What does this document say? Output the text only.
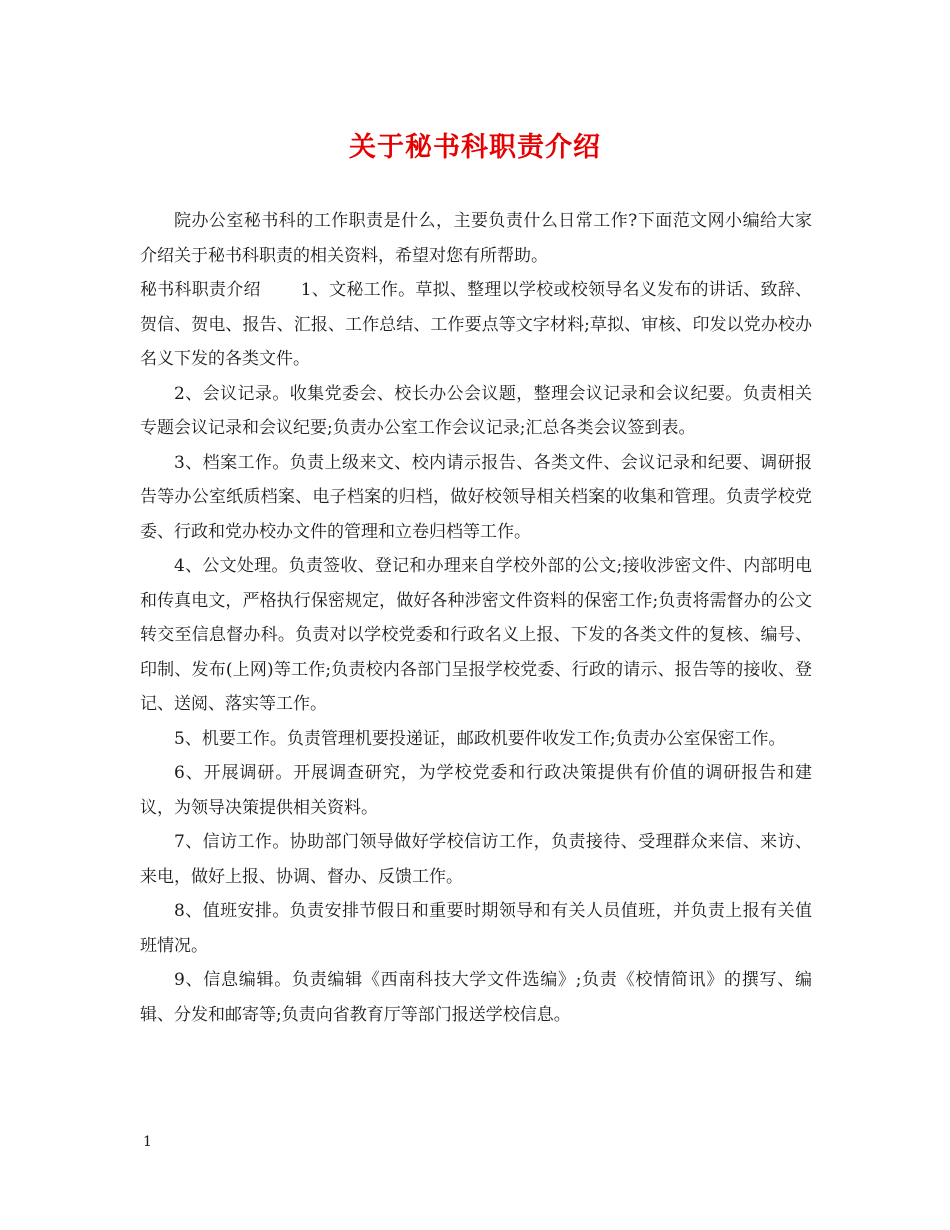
关于秘书科职责介绍

院办公室秘书科的工作职责是什么，主要负责什么日常工作?下面范文网小编给大家介绍关于秘书科职责的相关资料，希望对您有所帮助。

秘书科职责介绍 1、文秘工作。草拟、整理以学校或校领导名义发布的讲话、致辞、贺信、贺电、报告、汇报、工作总结、工作要点等文字材料;草拟、审核、印发以党办校办名义下发的各类文件。

2、会议记录。收集党委会、校长办公会议题，整理会议记录和会议纪要。负责相关专题会议记录和会议纪要;负责办公室工作会议记录;汇总各类会议签到表。

3、档案工作。负责上级来文、校内请示报告、各类文件、会议记录和纪要、调研报告等办公室纸质档案、电子档案的归档，做好校领导相关档案的收集和管理。负责学校党委、行政和党办校办文件的管理和立卷归档等工作。

4、公文处理。负责签收、登记和办理来自学校外部的公文;接收涉密文件、内部明电和传真电文，严格执行保密规定，做好各种涉密文件资料的保密工作;负责将需督办的公文转交至信息督办科。负责对以学校党委和行政名义上报、下发的各类文件的复核、编号、印制、发布(上网)等工作;负责校内各部门呈报学校党委、行政的请示、报告等的接收、登记、送阅、落实等工作。

5、机要工作。负责管理机要投递证，邮政机要件收发工作;负责办公室保密工作。

6、开展调研。开展调查研究，为学校党委和行政决策提供有价值的调研报告和建议，为领导决策提供相关资料。

7、信访工作。协助部门领导做好学校信访工作，负责接待、受理群众来信、来访、来电，做好上报、协调、督办、反馈工作。

8、值班安排。负责安排节假日和重要时期领导和有关人员值班，并负责上报有关值班情况。

9、信息编辑。负责编辑《西南科技大学文件选编》;负责《校情简讯》的撰写、编辑、分发和邮寄等;负责向省教育厅等部门报送学校信息。

1
